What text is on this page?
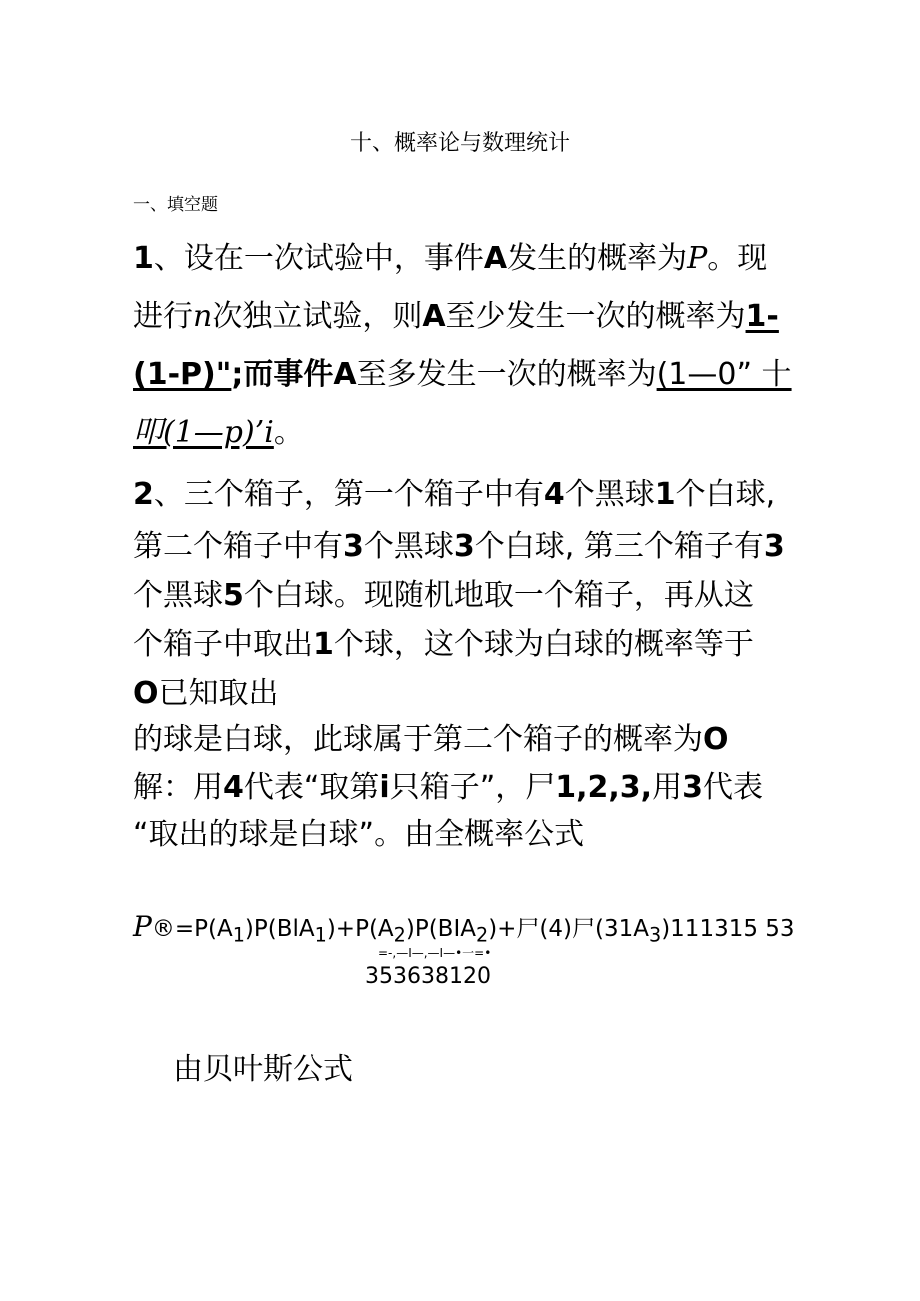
十、概率论与数理统计
一、填空题
1、设在一次试验中，事件A发生的概率为P。现
进行n次独立试验，则A至少发生一次的概率为1-
(1-P)";而事件A至多发生一次的概率为(1—0” 十
叩(1—p)’i。
2、三个箱子，第一个箱子中有4个黑球1个白球,
第二个箱子中有3个黑球3个白球, 第三个箱子有3
个黑球5个白球。现随机地取一个箱子，再从这
个箱子中取出1个球，这个球为白球的概率等于
O已知取出
的球是白球，此球属于第二个箱子的概率为O
解：用4代表“取第i只箱子”，尸1,2,3,用3代表
“取出的球是白球”。由全概率公式
$P®=P(A_1)P(BlA_1)+P(A_2)P(BIA_2)+$尸(4)尸$(31A_3)111315$ 53
=-,—I—,—I—•一=•
353638120
由贝叶斯公式
